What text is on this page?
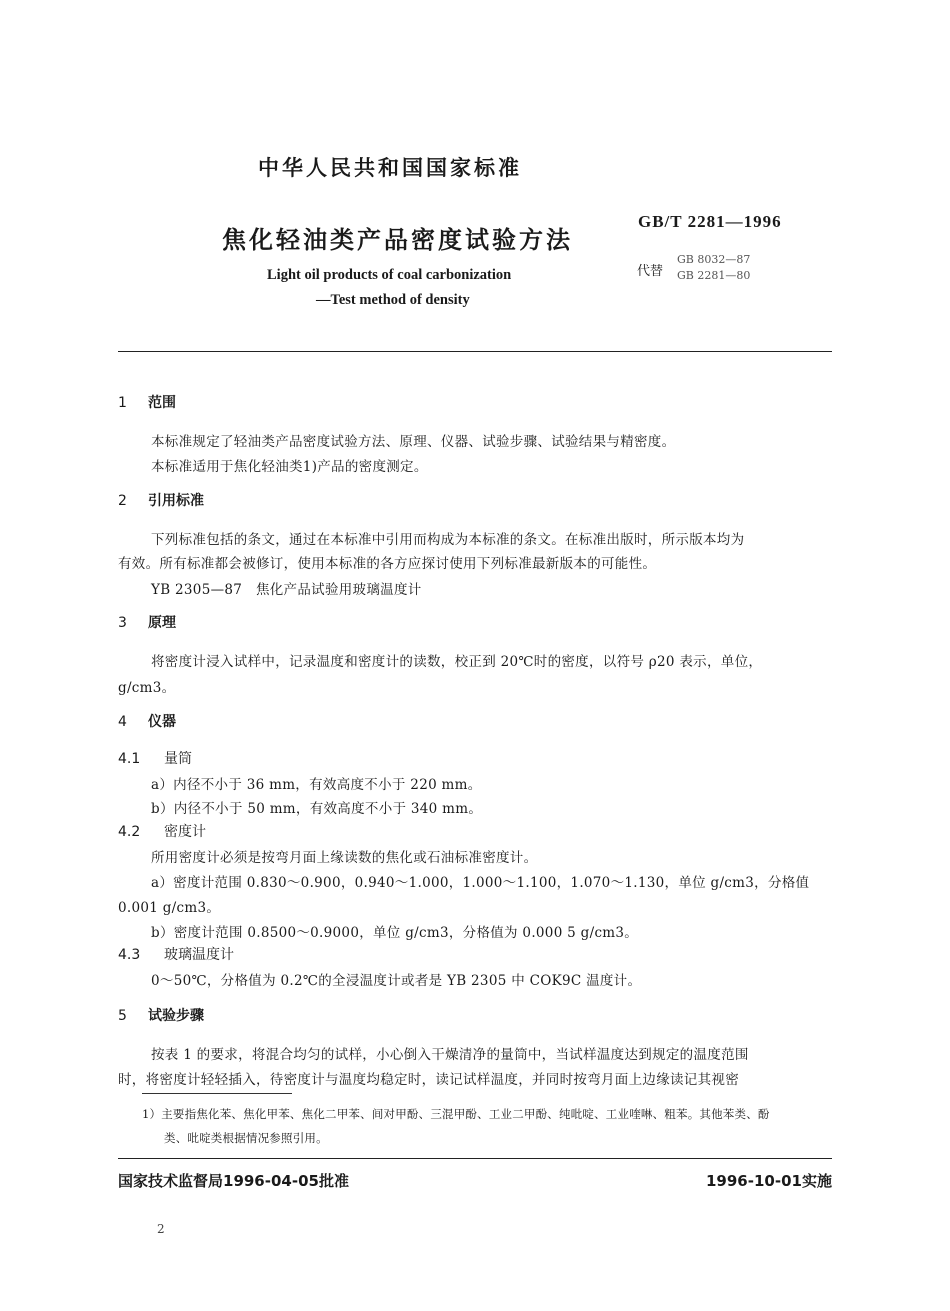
中华人民共和国国家标准
焦化轻油类产品密度试验方法
GB/T 2281—1996
代替
GB 8032—87
GB 2281—80
Light oil products of coal carbonization
—Test method of density
1 范围
本标准规定了轻油类产品密度试验方法、原理、仪器、试验步骤、试验结果与精密度。
本标准适用于焦化轻油类1)产品的密度测定。
2 引用标准
下列标准包括的条文，通过在本标准中引用而构成为本标准的条文。在标准出版时，所示版本均为
有效。所有标准都会被修订，使用本标准的各方应探讨使用下列标准最新版本的可能性。
YB 2305—87　焦化产品试验用玻璃温度计
3 原理
将密度计浸入试样中，记录温度和密度计的读数，校正到 20℃时的密度，以符号 ρ20 表示，单位，
g/cm3。
4 仪器
4.1 量筒
a）内径不小于 36 mm，有效高度不小于 220 mm。
b）内径不小于 50 mm，有效高度不小于 340 mm。
4.2 密度计
所用密度计必须是按弯月面上缘读数的焦化或石油标准密度计。
a）密度计范围 0.830～0.900，0.940～1.000，1.000～1.100，1.070～1.130，单位 g/cm3，分格值
0.001 g/cm3。
b）密度计范围 0.8500～0.9000，单位 g/cm3，分格值为 0.000 5 g/cm3。
4.3 玻璃温度计
0～50℃，分格值为 0.2℃的全浸温度计或者是 YB 2305 中 COK9C 温度计。
5 试验步骤
按表 1 的要求，将混合均匀的试样，小心倒入干燥清净的量筒中，当试样温度达到规定的温度范围
时，将密度计轻轻插入，待密度计与温度均稳定时，读记试样温度，并同时按弯月面上边缘读记其视密
1）主要指焦化苯、焦化甲苯、焦化二甲苯、间对甲酚、三混甲酚、工业二甲酚、纯吡啶、工业喹啉、粗苯。其他苯类、酚
类、吡啶类根据情况参照引用。
国家技术监督局1996-04-05批准	1996-10-01实施
2
